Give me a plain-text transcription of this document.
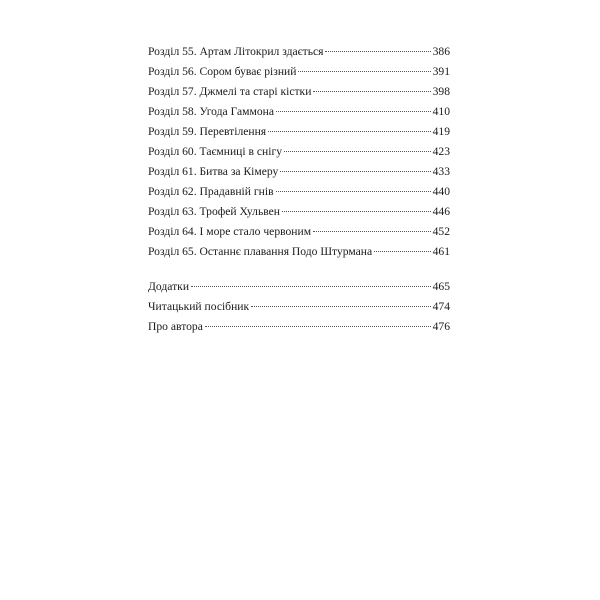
Розділ 55. Артам Літокрил здається	386
Розділ 56. Сором буває різний	391
Розділ 57. Джмелі та старі кістки	398
Розділ 58. Угода Гаммона	410
Розділ 59. Перевтілення	419
Розділ 60. Таємниці в снігу	423
Розділ 61. Битва за Кімеру	433
Розділ 62. Прадавній гнів	440
Розділ 63. Трофей Хульвен	446
Розділ 64. І море стало червоним	452
Розділ 65. Останнє плавання Подо Штурмана	461
Додатки	465
Читацький посібник	474
Про автора	476
